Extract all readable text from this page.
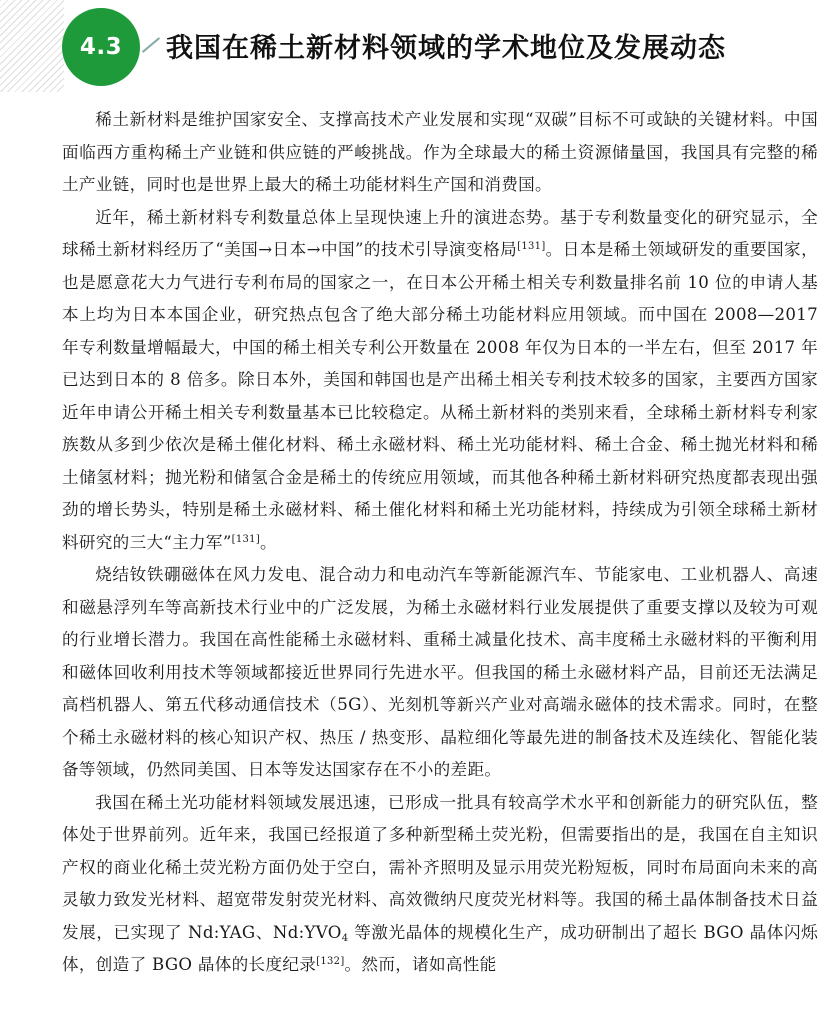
4.3 我国在稀土新材料领域的学术地位及发展动态

稀土新材料是维护国家安全、支撑高技术产业发展和实现“双碳”目标不可或缺的关键材料。中国面临西方重构稀土产业链和供应链的严峻挑战。作为全球最大的稀土资源储量国，我国具有完整的稀土产业链，同时也是世界上最大的稀土功能材料生产国和消费国。

近年，稀土新材料专利数量总体上呈现快速上升的演进态势。基于专利数量变化的研究显示，全球稀土新材料经历了“美国→日本→中国”的技术引导演变格局[131]。日本是稀土领域研发的重要国家，也是愿意花大力气进行专利布局的国家之一，在日本公开稀土相关专利数量排名前 10 位的申请人基本上均为日本本国企业，研究热点包含了绝大部分稀土功能材料应用领域。而中国在 2008—2017 年专利数量增幅最大，中国的稀土相关专利公开数量在 2008 年仅为日本的一半左右，但至 2017 年已达到日本的 8 倍多。除日本外，美国和韩国也是产出稀土相关专利技术较多的国家，主要西方国家近年申请公开稀土相关专利数量基本已比较稳定。从稀土新材料的类别来看，全球稀土新材料专利家族数从多到少依次是稀土催化材料、稀土永磁材料、稀土光功能材料、稀土合金、稀土抛光材料和稀土储氢材料；抛光粉和储氢合金是稀土的传统应用领域，而其他各种稀土新材料研究热度都表现出强劲的增长势头，特别是稀土永磁材料、稀土催化材料和稀土光功能材料，持续成为引领全球稀土新材料研究的三大“主力军”[131]。

烧结钕铁硼磁体在风力发电、混合动力和电动汽车等新能源汽车、节能家电、工业机器人、高速和磁悬浮列车等高新技术行业中的广泛发展，为稀土永磁材料行业发展提供了重要支撑以及较为可观的行业增长潜力。我国在高性能稀土永磁材料、重稀土减量化技术、高丰度稀土永磁材料的平衡利用和磁体回收利用技术等领域都接近世界同行先进水平。但我国的稀土永磁材料产品，目前还无法满足高档机器人、第五代移动通信技术（5G）、光刻机等新兴产业对高端永磁体的技术需求。同时，在整个稀土永磁材料的核心知识产权、热压 / 热变形、晶粒细化等最先进的制备技术及连续化、智能化装备等领域，仍然同美国、日本等发达国家存在不小的差距。

我国在稀土光功能材料领域发展迅速，已形成一批具有较高学术水平和创新能力的研究队伍，整体处于世界前列。近年来，我国已经报道了多种新型稀土荧光粉，但需要指出的是，我国在自主知识产权的商业化稀土荧光粉方面仍处于空白，需补齐照明及显示用荧光粉短板，同时布局面向未来的高灵敏力致发光材料、超宽带发射荧光材料、高效微纳尺度荧光材料等。我国的稀土晶体制备技术日益发展，已实现了 Nd:YAG、$Nd:YVO_4$ 等激光晶体的规模化生产，成功研制出了超长 BGO 晶体闪烁体，创造了 BGO 晶体的长度纪录[132]。然而，诸如高性能
